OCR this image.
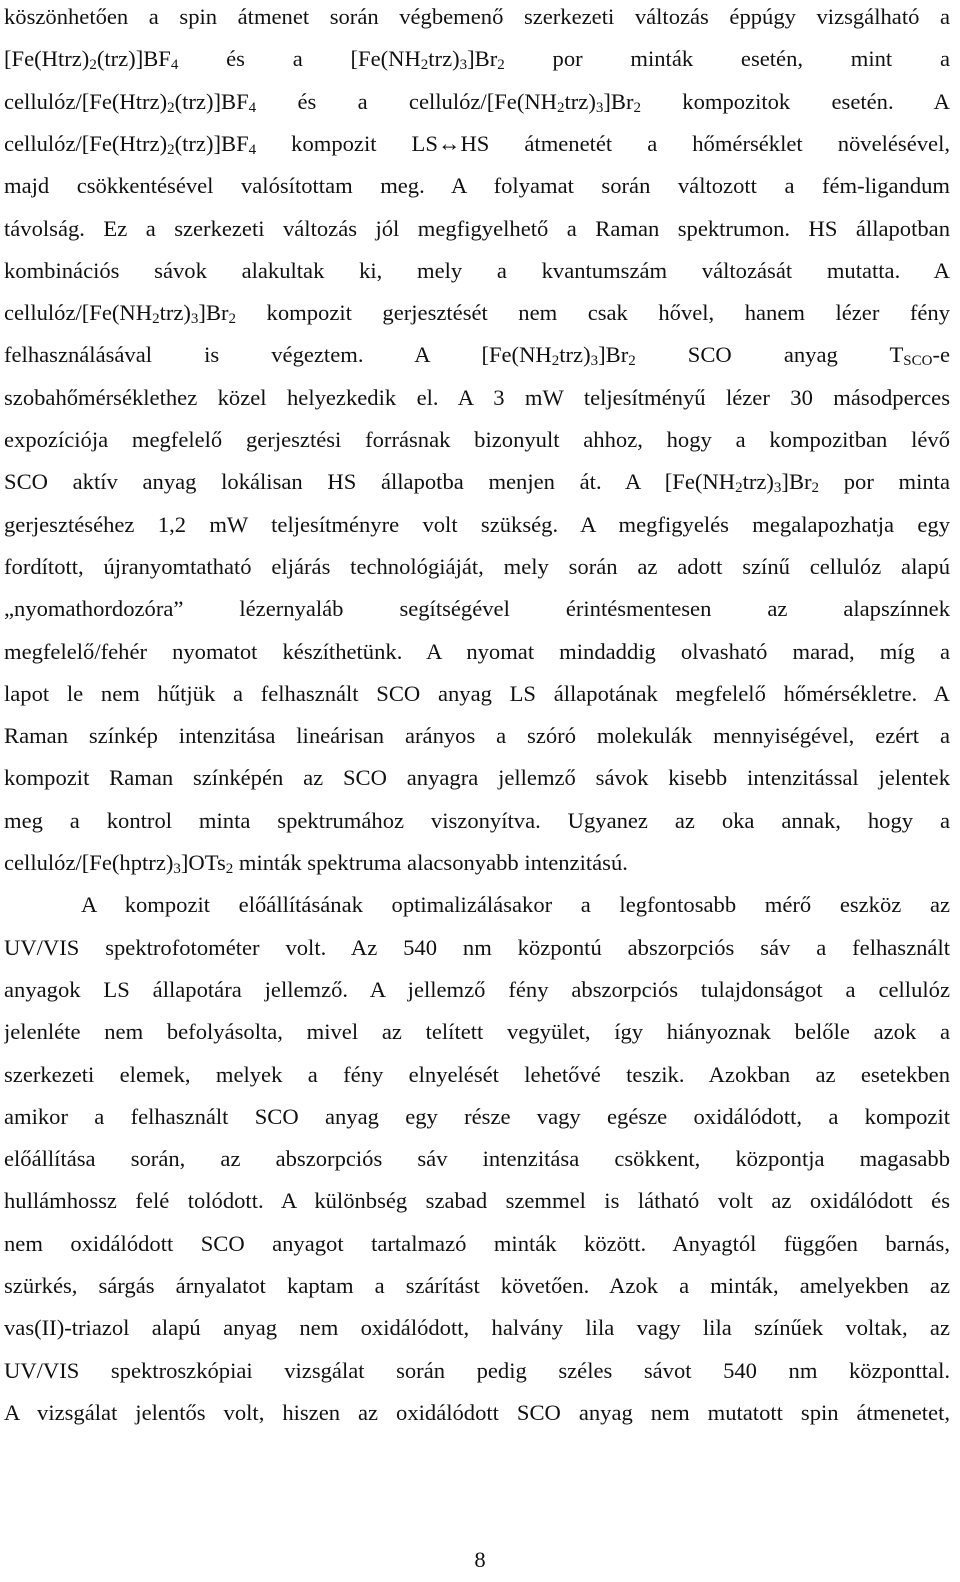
köszönhetően a spin átmenet során végbemenő szerkezeti változás éppúgy vizsgálható a
$[Fe(Htrz)_2(trz)]BF_4$ és a $[Fe(NH_2trz)_3]Br_2$ por minták esetén, mint a
cellulóz/$[Fe(Htrz)_2(trz)]BF_4$ és a cellulóz/$[Fe(NH_2trz)_3]Br_2$ kompozitok esetén. A
cellulóz/$[Fe(Htrz)_2(trz)]BF_4$ kompozit LS↔HS átmenetét a hőmérséklet növelésével,
majd csökkentésével valósítottam meg. A folyamat során változott a fém-ligandum
távolság. Ez a szerkezeti változás jól megfigyelhető a Raman spektrumon. HS állapotban
kombinációs sávok alakultak ki, mely a kvantumszám változását mutatta. A
cellulóz/$[Fe(NH_2trz)_3]Br_2$ kompozit gerjesztését nem csak hővel, hanem lézer fény
felhasználásával is végeztem. A $[Fe(NH_2trz)_3]Br_2$ SCO anyag $T_{SCO}-e$
szobahőmérséklethez közel helyezkedik el. A 3 mW teljesítményű lézer 30 másodperces
expozíciója megfelelő gerjesztési forrásnak bizonyult ahhoz, hogy a kompozitban lévő
SCO aktív anyag lokálisan HS állapotba menjen át. A $[Fe(NH_2trz)_3]Br_2$ por minta
gerjesztéséhez 1,2 mW teljesítményre volt szükség. A megfigyelés megalapozhatja egy
fordított, újranyomtatható eljárás technológiáját, mely során az adott színű cellulóz alapú
„nyomathordozóra” lézernyaláb segítségével érintésmentesen az alapszínnek
megfelelő/fehér nyomatot készíthetünk. A nyomat mindaddig olvasható marad, míg a
lapot le nem hűtjük a felhasznált SCO anyag LS állapotának megfelelő hőmérsékletre. A
Raman színkép intenzitása lineárisan arányos a szóró molekulák mennyiségével, ezért a
kompozit Raman színképén az SCO anyagra jellemző sávok kisebb intenzitással jelentek
meg a kontrol minta spektrumához viszonyítva. Ugyanez az oka annak, hogy a
cellulóz/$[Fe(hptrz)_3]OTs_2$ minták spektruma alacsonyabb intenzitású.
A kompozit előállításának optimalizálásakor a legfontosabb mérő eszköz az
UV/VIS spektrofotométer volt. Az 540 nm központú abszorpciós sáv a felhasznált
anyagok LS állapotára jellemző. A jellemző fény abszorpciós tulajdonságot a cellulóz
jelenléte nem befolyásolta, mivel az telített vegyület, így hiányoznak belőle azok a
szerkezeti elemek, melyek a fény elnyelését lehetővé teszik. Azokban az esetekben
amikor a felhasznált SCO anyag egy része vagy egésze oxidálódott, a kompozit
előállítása során, az abszorpciós sáv intenzitása csökkent, központja magasabb
hullámhossz felé tolódott. A különbség szabad szemmel is látható volt az oxidálódott és
nem oxidálódott SCO anyagot tartalmazó minták között. Anyagtól függően barnás,
szürkés, sárgás árnyalatot kaptam a szárítást követően. Azok a minták, amelyekben az
vas(II)-triazol alapú anyag nem oxidálódott, halvány lila vagy lila színűek voltak, az
UV/VIS spektroszkópiai vizsgálat során pedig széles sávot 540 nm központtal.
A vizsgálat jelentős volt, hiszen az oxidálódott SCO anyag nem mutatott spin átmenetet,
8
